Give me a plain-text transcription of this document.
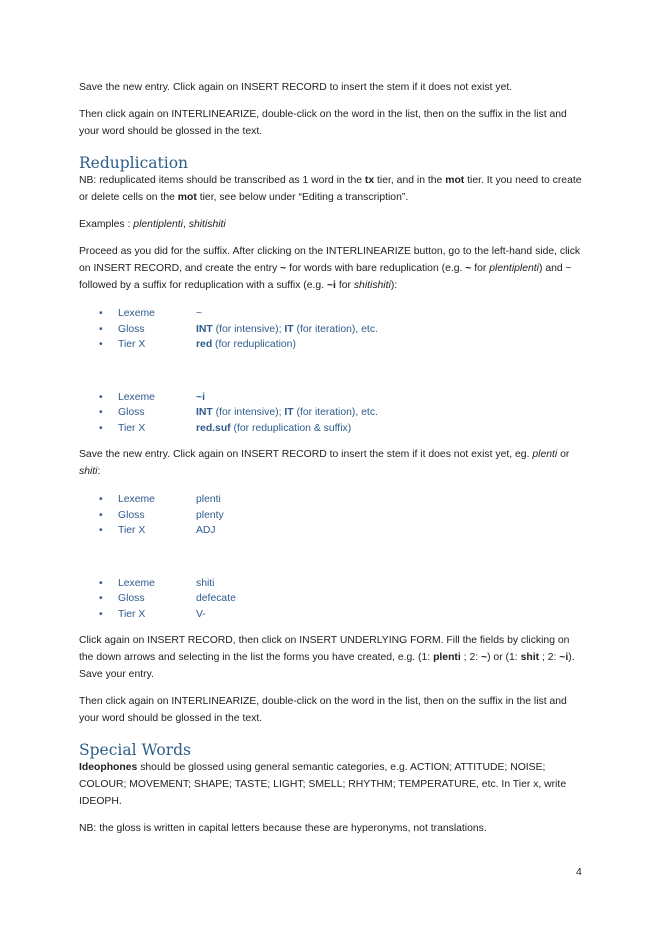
Save the new entry. Click again on INSERT RECORD to insert the stem if it does not exist yet.

Then click again on INTERLINEARIZE, double-click on the word in the list, then on the suffix in the list and your word should be glossed in the text.

Reduplication

NB: reduplicated items should be transcribed as 1 word in the tx tier, and in the mot tier. It you need to create or delete cells on the mot tier, see below under “Editing a transcription”.

Examples : plentiplenti, shitishiti

Proceed as you did for the suffix. After clicking on the INTERLINEARIZE button, go to the left-hand side, click on INSERT RECORD, and create the entry ~ for words with bare reduplication (e.g. ~ for plentiplenti) and ~ followed by a suffix for reduplication with a suffix (e.g. ~i for shitishiti):

• Lexeme	~
• Gloss	INT (for intensive); IT (for iteration), etc.
• Tier X	red (for reduplication)
• Lexeme	~i
• Gloss	INT (for intensive); IT (for iteration), etc.
• Tier X	red.suf (for reduplication & suffix)

Save the new entry. Click again on INSERT RECORD to insert the stem if it does not exist yet, eg. plenti or shiti:

• Lexeme	plenti
• Gloss	plenty
• Tier X	ADJ
• Lexeme	shiti
• Gloss	defecate
• Tier X	V-

Click again on INSERT RECORD, then click on INSERT UNDERLYING FORM. Fill the fields by clicking on the down arrows and selecting in the list the forms you have created, e.g. (1: plenti ; 2: ~) or (1: shit ; 2: ~i). Save your entry.

Then click again on INTERLINEARIZE, double-click on the word in the list, then on the suffix in the list and your word should be glossed in the text.

Special Words

Ideophones should be glossed using general semantic categories, e.g. ACTION; ATTITUDE; NOISE; COLOUR; MOVEMENT; SHAPE; TASTE; LIGHT; SMELL; RHYTHM; TEMPERATURE, etc. In Tier x, write IDEOPH.

NB: the gloss is written in capital letters because these are hyperonyms, not translations.

4
